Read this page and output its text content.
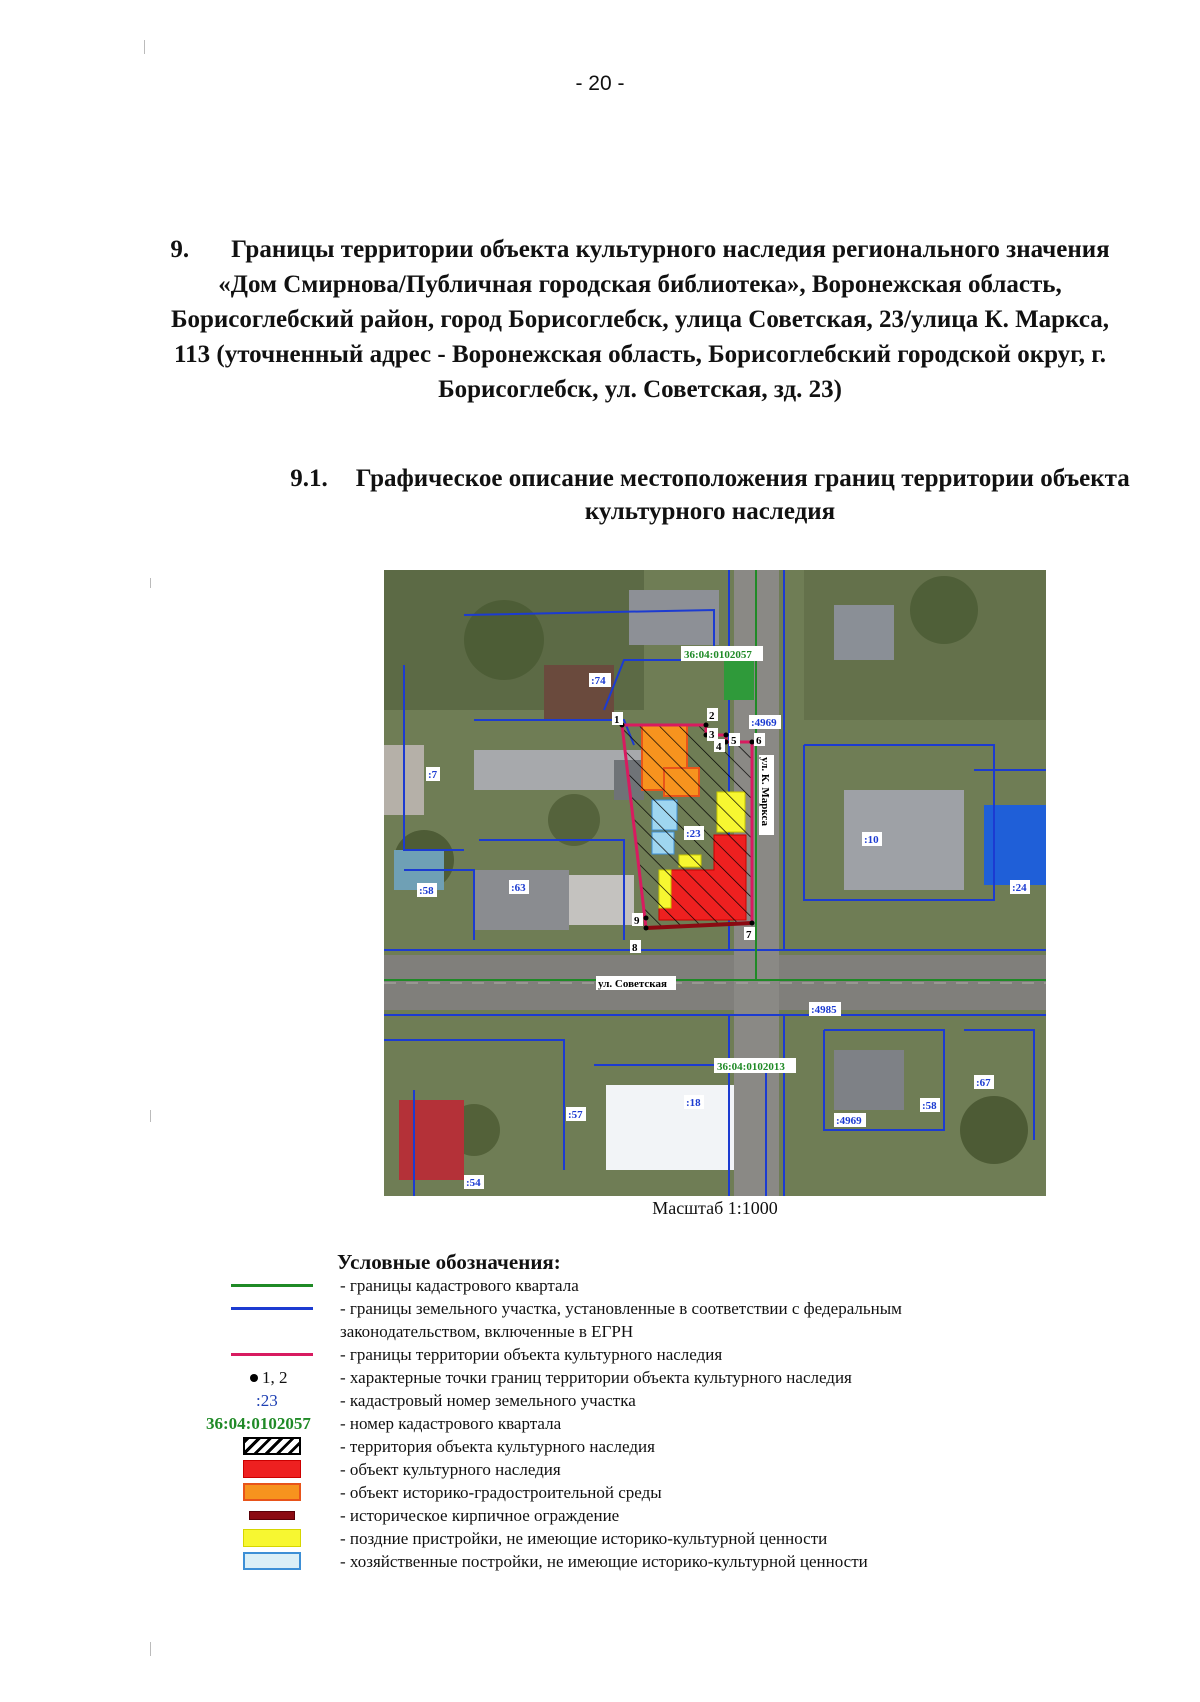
- 20 -
9. Границы территории объекта культурного наследия регионального значения «Дом Смирнова/Публичная городская библиотека», Воронежская область, Борисоглебский район, город Борисоглебск, улица Советская, 23/улица К. Маркса, 113 (уточненный адрес - Воронежская область, Борисоглебский городской округ, г. Борисоглебск, ул. Советская, зд. 23)
9.1. Графическое описание местоположения границ территории объекта культурного наследия
36:04:0102057
36:04:0102013
:74
:4969
:7
:23	:10
:24
:58	:63
:4985
:18
:4969
:67
:58
:57
:54
1	2
3
4 5 6
7
8
9
ул. Советская
ул. К. Маркса
Масштаб 1:1000
Условные обозначения:
- границы кадастрового квартала
- границы земельного участка, установленные в соответствии с федеральным
законодательством, включенные в ЕГРН
- границы территории объекта культурного наследия
1, 2	- характерные точки границ территории объекта культурного наследия
:23	- кадастровый номер земельного участка
36:04:0102057 - номер кадастрового квартала
- территория объекта культурного наследия
- объект культурного наследия
- объект историко-градостроительной среды
- историческое кирпичное ограждение
- поздние пристройки, не имеющие историко-культурной ценности
- хозяйственные постройки, не имеющие историко-культурной ценности
